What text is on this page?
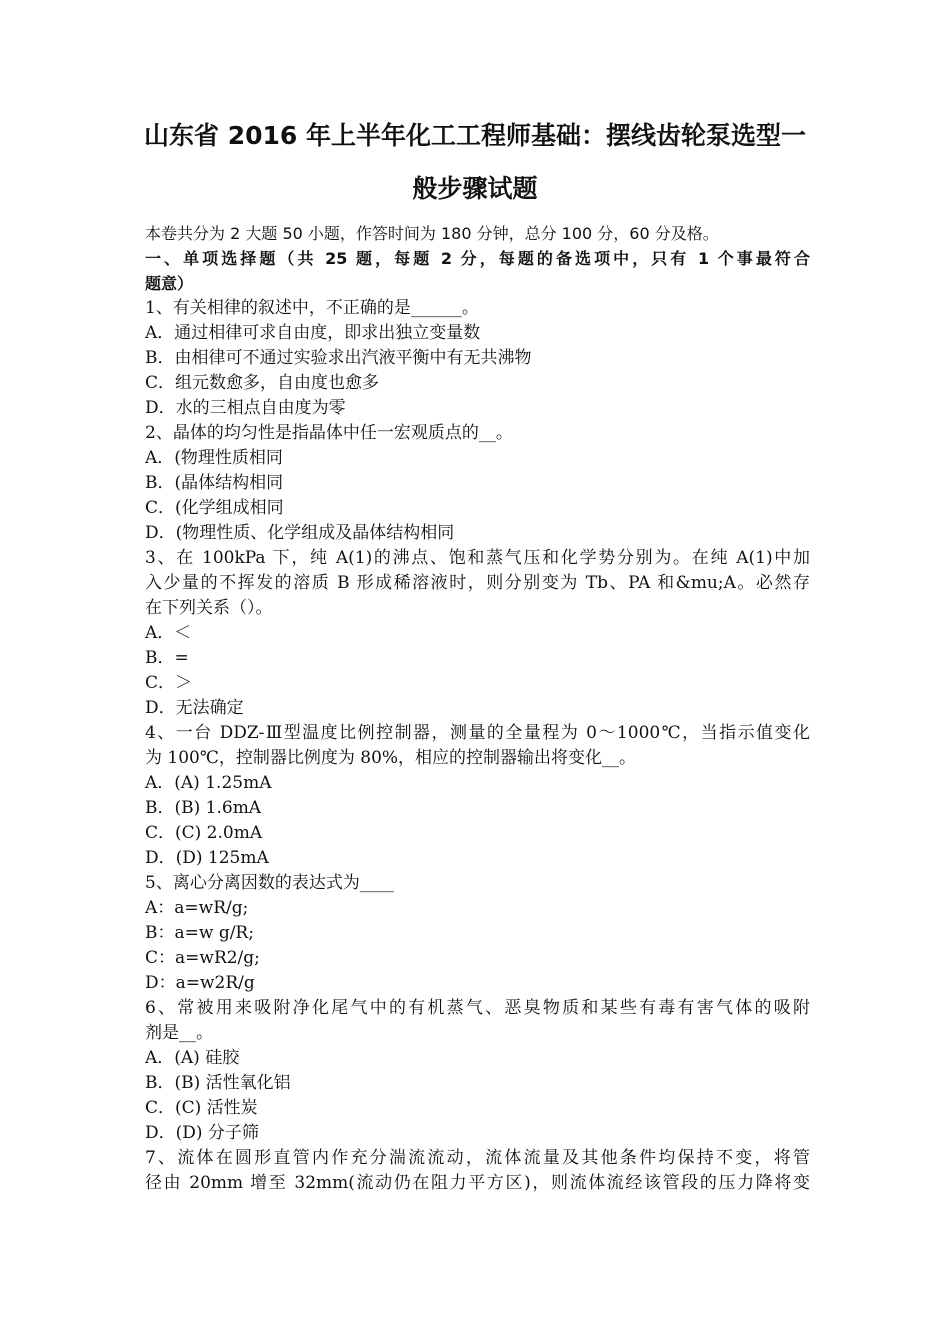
山东省 2016 年上半年化工工程师基础：摆线齿轮泵选型一
般步骤试题
本卷共分为 2 大题 50 小题，作答时间为 180 分钟，总分 100 分，60 分及格。
一、单项选择题（共 25 题，每题 2 分，每题的备选项中，只有 1 个事最符合
题意）
1、有关相律的叙述中，不正确的是______。
A．通过相律可求自由度，即求出独立变量数
B．由相律可不通过实验求出汽液平衡中有无共沸物
C．组元数愈多，自由度也愈多
D．水的三相点自由度为零
2、晶体的均匀性是指晶体中任一宏观质点的__。
A．(物理性质相同
B．(晶体结构相同
C．(化学组成相同
D．(物理性质、化学组成及晶体结构相同
3、在 100kPa 下，纯 A(1)的沸点、饱和蒸气压和化学势分别为。在纯 A(1)中加
入少量的不挥发的溶质 B 形成稀溶液时，则分别变为 Tb、PA 和&mu;A。必然存
在下列关系（）。
A．＜
B．=
C．＞
D．无法确定
4、一台 DDZ-Ⅲ型温度比例控制器，测量的全量程为 0～1000℃，当指示值变化
为 100℃，控制器比例度为 80%，相应的控制器输出将变化__。
A．(A) 1.25mA
B．(B) 1.6mA
C．(C) 2.0mA
D．(D) 125mA
5、离心分离因数的表达式为____
A：a=wR/g;
B：a=w g/R;
C：a=wR2/g;
D：a=w2R/g
6、常被用来吸附净化尾气中的有机蒸气、恶臭物质和某些有毒有害气体的吸附
剂是__。
A．(A) 硅胶
B．(B) 活性氧化铝
C．(C) 活性炭
D．(D) 分子筛
7、流体在圆形直管内作充分湍流流动，流体流量及其他条件均保持不变，将管
径由 20mm 增至 32mm(流动仍在阻力平方区)，则流体流经该管段的压力降将变
